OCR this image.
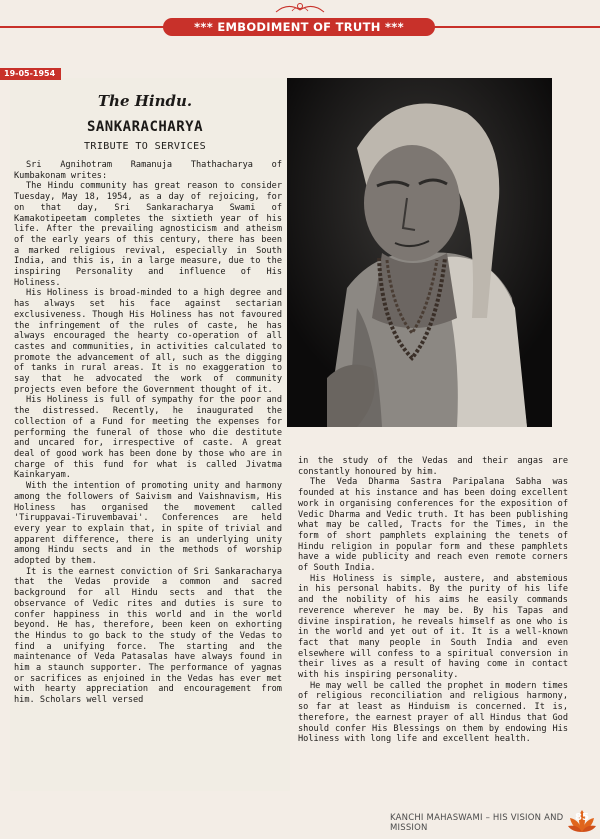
*** EMBODIMENT OF TRUTH ***
19-05-1954
The Hindu.
SANKARACHARYA
TRIBUTE TO SERVICES

Sri Agnihotram Ramanuja Thathacharya of Kumbakonam writes:

The Hindu community has great reason to consider Tuesday, May 18, 1954, as a day of rejoicing, for on that day, Sri Sankaracharya Swami of Kamakotipeetam completes the sixtieth year of his life. After the prevailing agnosticism and atheism of the early years of this century, there has been a marked religious revival, especially in South India, and this is, in a large measure, due to the inspiring Personality and influence of His Holiness.

His Holiness is broad-minded to a high degree and has always set his face against sectarian exclusiveness. Though His Holiness has not favoured the infringement of the rules of caste, he has always encouraged the hearty co-operation of all castes and communities, in activities calculated to promote the advancement of all, such as the digging of tanks in rural areas. It is no exaggeration to say that he advocated the work of community projects even before the Government thought of it.

His Holiness is full of sympathy for the poor and the distressed. Recently, he inaugurated the collection of a Fund for meeting the expenses for performing the funeral of those who die destitute and uncared for, irrespective of caste. A great deal of good work has been done by those who are in charge of this fund for what is called Jivatma Kainkaryam.

With the intention of promoting unity and harmony among the followers of Saivism and Vaishnavism, His Holiness has organised the movement called 'Tiruppavai-Tiruvembavai'. Conferences are held every year to explain that, in spite of trivial and apparent difference, there is an underlying unity among Hindu sects and in the methods of worship adopted by them.

It is the earnest conviction of Sri Sankaracharya that the Vedas provide a common and sacred background for all Hindu sects and that the observance of Vedic rites and duties is sure to confer happiness in this world and in the world beyond. He has, therefore, been keen on exhorting the Hindus to go back to the study of the Vedas to find a unifying force. The starting and the maintenance of Veda Patasalas have always found in him a staunch supporter. The performance of yagnas or sacrifices as enjoined in the Vedas has ever met with hearty appreciation and encouragement from him. Scholars well versed

in the study of the Vedas and their angas are constantly honoured by him.

The Veda Dharma Sastra Paripalana Sabha was founded at his instance and has been doing excellent work in organising conferences for the exposition of Vedic Dharma and Vedic truth. It has been publishing what may be called, Tracts for the Times, in the form of short pamphlets explaining the tenets of Hindu religion in popular form and these pamphlets have a wide publicity and reach even remote corners of South India.

His Holiness is simple, austere, and abstemious in his personal habits. By the purity of his life and the nobility of his aims he easily commands reverence wherever he may be. By his Tapas and divine inspiration, he reveals himself as one who is in the world and yet out of it. It is a well-known fact that many people in South India and even elsewhere will confess to a spiritual conversion in their lives as a result of having come in contact with his inspiring personality.

He may well be called the prophet in modern times of religious reconciliation and religious harmony, so far at least as Hinduism is concerned. It is, therefore, the earnest prayer of all Hindus that God should confer His Blessings on them by endowing His Holiness with long life and excellent health.

KANCHI MAHASWAMI – HIS VISION AND MISSION
85
